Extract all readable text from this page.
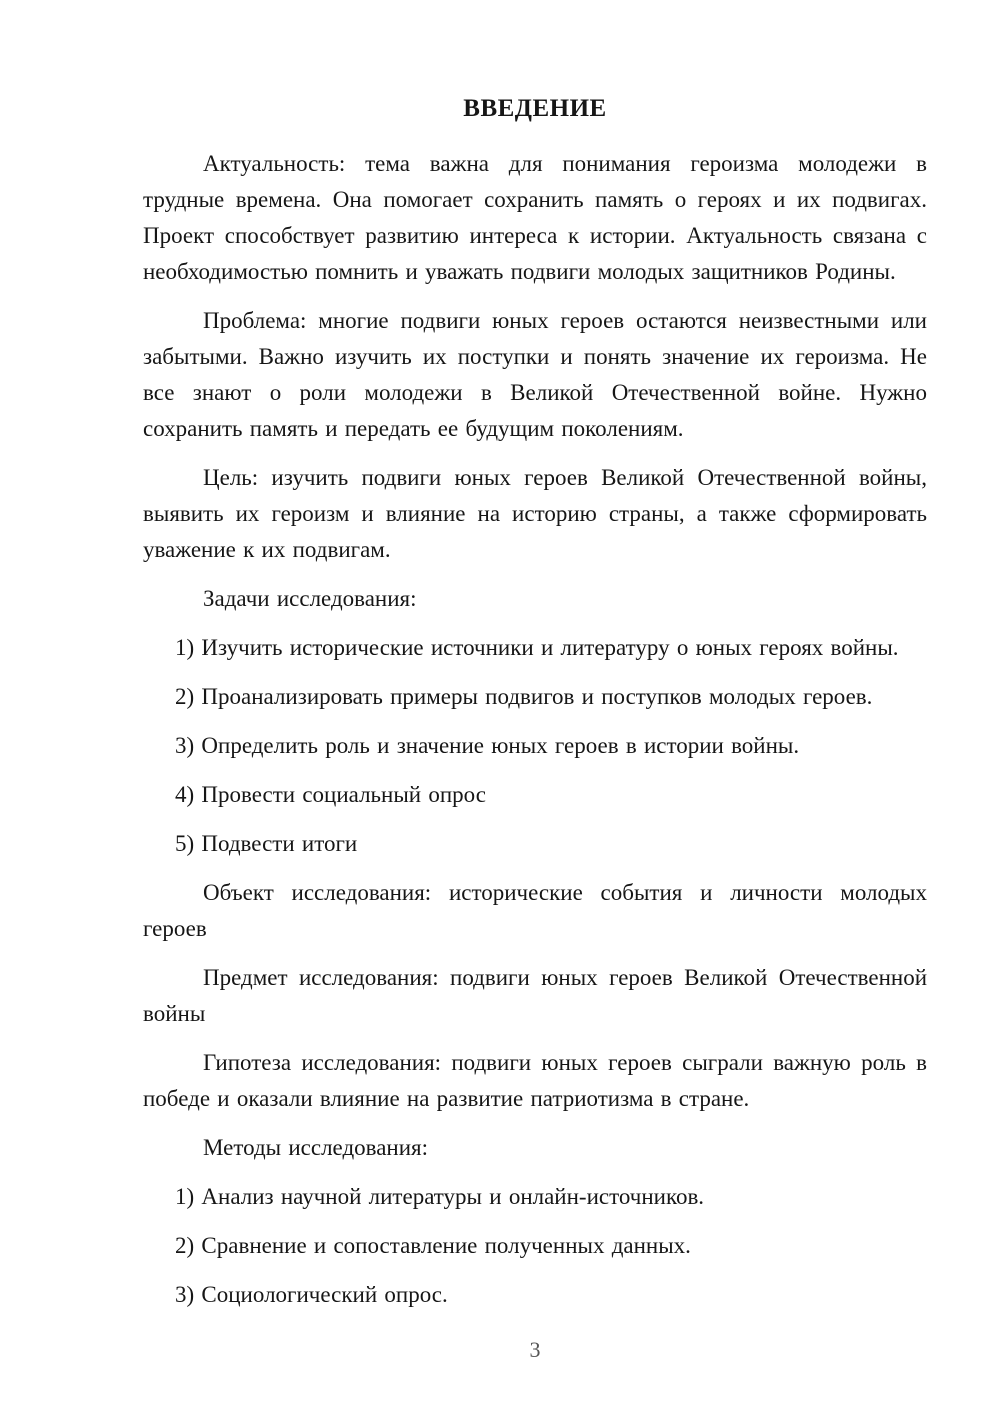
ВВЕДЕНИЕ

Актуальность: тема важна для понимания героизма молодежи в трудные времена. Она помогает сохранить память о героях и их подвигах. Проект способствует развитию интереса к истории. Актуальность связана с необходимостью помнить и уважать подвиги молодых защитников Родины.

Проблема: многие подвиги юных героев остаются неизвестными или забытыми. Важно изучить их поступки и понять значение их героизма. Не все знают о роли молодежи в Великой Отечественной войне. Нужно сохранить память и передать ее будущим поколениям.

Цель: изучить подвиги юных героев Великой Отечественной войны, выявить их героизм и влияние на историю страны, а также сформировать уважение к их подвигам.

Задачи исследования:

1) Изучить исторические источники и литературу о юных героях войны.

2) Проанализировать примеры подвигов и поступков молодых героев.

3) Определить роль и значение юных героев в истории войны.

4) Провести социальный опрос

5) Подвести итоги

Объект исследования: исторические события и личности молодых героев

Предмет исследования: подвиги юных героев Великой Отечественной войны

Гипотеза исследования: подвиги юных героев сыграли важную роль в победе и оказали влияние на развитие патриотизма в стране.

Методы исследования:

1) Анализ научной литературы и онлайн-источников.

2) Сравнение и сопоставление полученных данных.

3) Социологический опрос.

3
